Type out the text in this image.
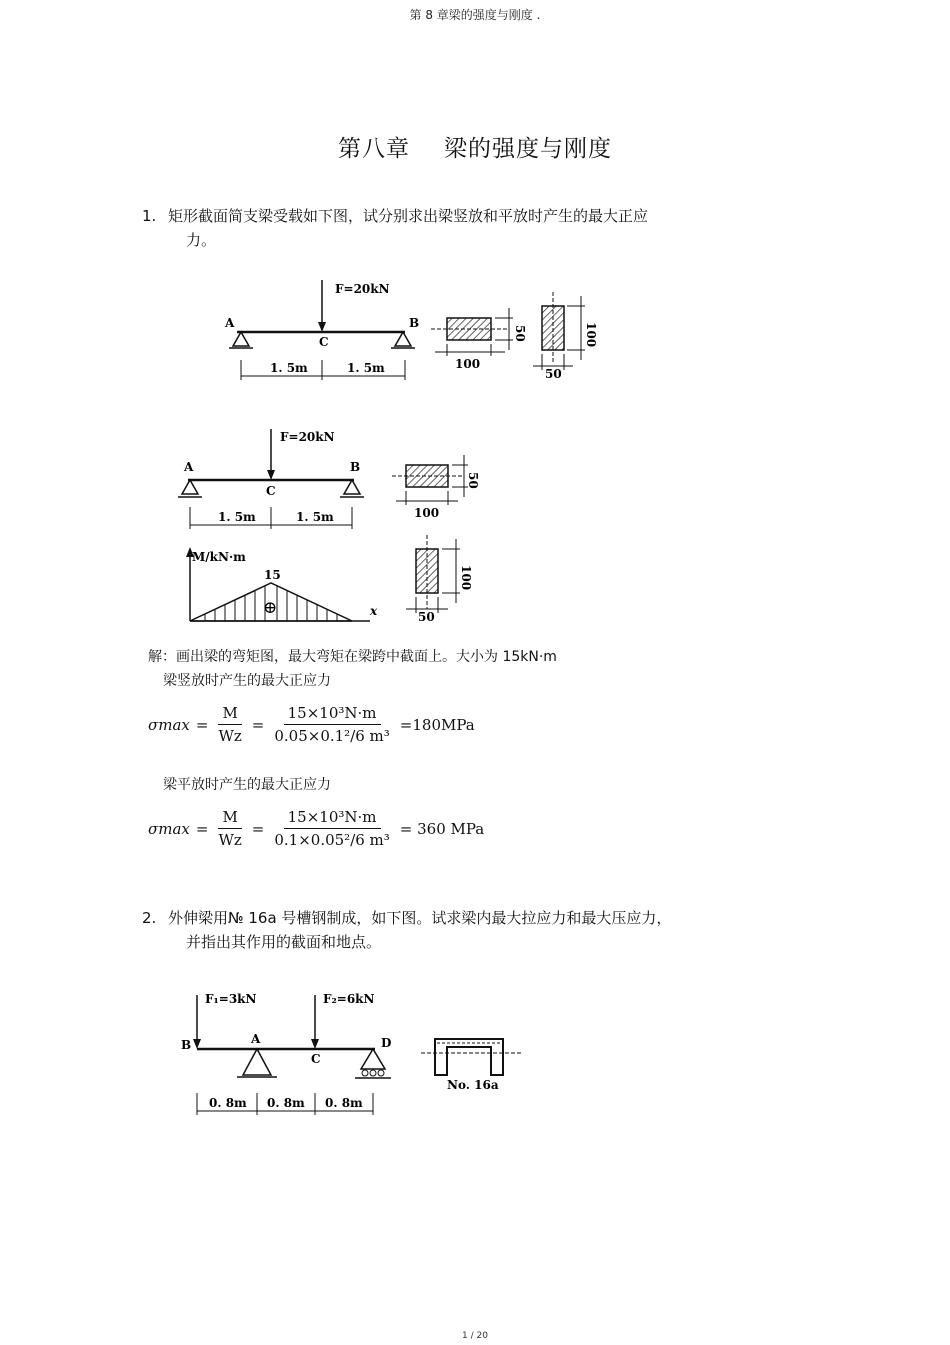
第 8 章梁的强度与刚度 .
第八章 梁的强度与刚度
1. 矩形截面简支梁受载如下图，试分别求出梁竖放和平放时产生的最大正应
力。
F=20kN
A	B
C
1. 5m	1. 5m	100
50
50
100
F=20kN
A	B
C
1. 5m	1. 5m
M/kN·m
x
15
⊕
100
50
50
100
解：画出梁的弯矩图，最大弯矩在梁跨中截面上。大小为 15kN·m
梁竖放时产生的最大正应力
$\sigma\max = \frac{M}{Wz} = \frac{\text{15×10³N·m}}{\text{0.05×0.1²/6 m³}} =180MPa$
梁平放时产生的最大正应力
$\sigma\max = \frac{M}{Wz} = \frac{\text{15×10³N·m}}{\text{0.1×0.05²/6 m³}} = 360$ MPa
2. 外伸梁用№ 16a 号槽钢制成，如下图。试求梁内最大拉应力和最大压应力，
并指出其作用的截面和地点。
F₁=3kN	F₂=6kN
B	A
C
D
0. 8m 0. 8m 0. 8m
No. 16a
1 / 20
